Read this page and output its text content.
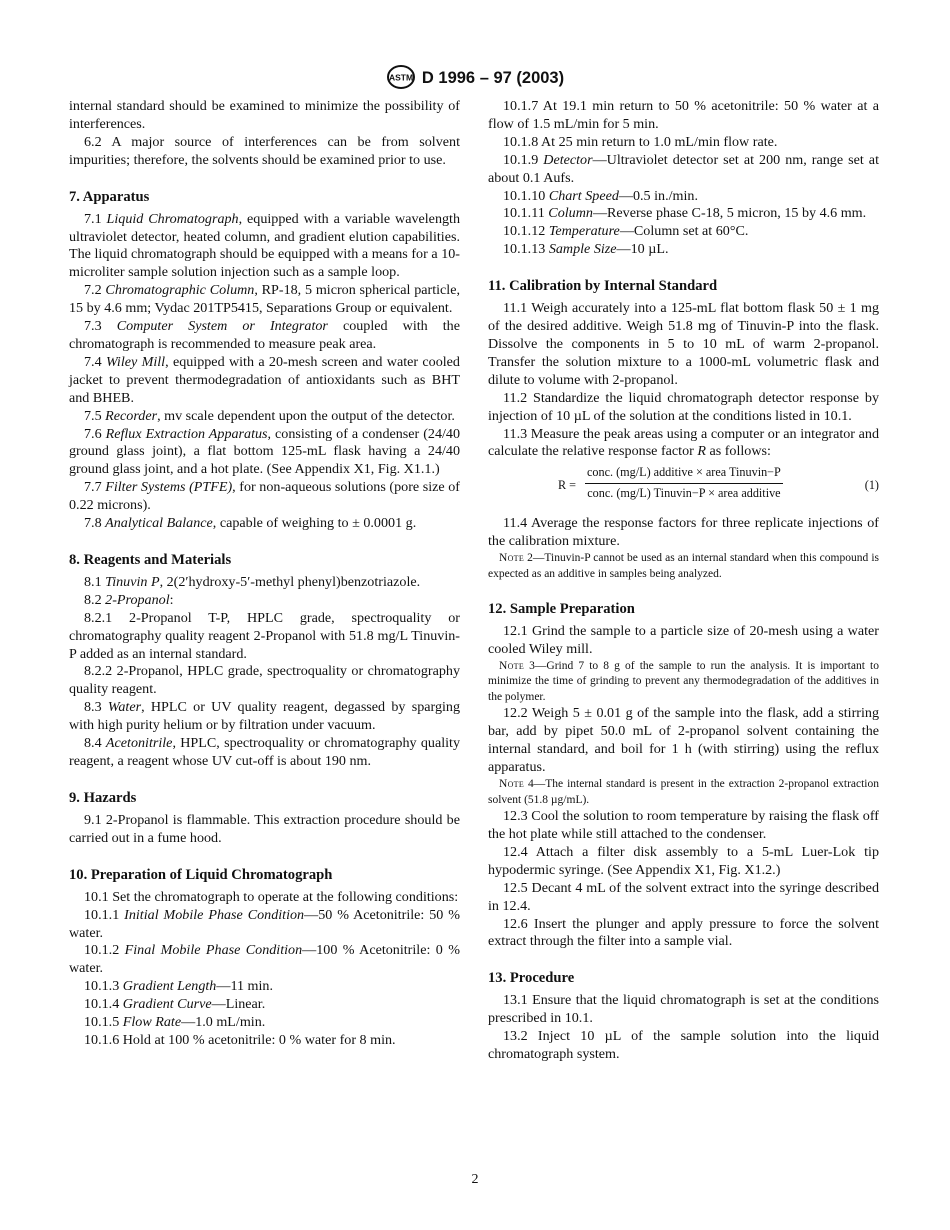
ASTM D 1996 – 97 (2003)

internal standard should be examined to minimize the possibility of interferences.

6.2 A major source of interferences can be from solvent impurities; therefore, the solvents should be examined prior to use.

7. Apparatus

7.1 Liquid Chromatograph, equipped with a variable wavelength ultraviolet detector, heated column, and gradient elution capabilities. The liquid chromatograph should be equipped with a means for a 10-microliter sample solution injection such as a sample loop.

7.2 Chromatographic Column, RP-18, 5 micron spherical particle, 15 by 4.6 mm; Vydac 201TP5415, Separations Group or equivalent.

7.3 Computer System or Integrator coupled with the chromatograph is recommended to measure peak area.

7.4 Wiley Mill, equipped with a 20-mesh screen and water cooled jacket to prevent thermodegradation of antioxidants such as BHT and BHEB.

7.5 Recorder, mv scale dependent upon the output of the detector.

7.6 Reflux Extraction Apparatus, consisting of a condenser (24/40 ground glass joint), a flat bottom 125-mL flask having a 24/40 ground glass joint, and a hot plate. (See Appendix X1, Fig. X1.1.)

7.7 Filter Systems (PTFE), for non-aqueous solutions (pore size of 0.22 microns).

7.8 Analytical Balance, capable of weighing to ± 0.0001 g.

8. Reagents and Materials

8.1 Tinuvin P, 2(2′hydroxy-5′-methyl phenyl)benzotriazole.

8.2 2-Propanol:

8.2.1 2-Propanol T-P, HPLC grade, spectroquality or chromatography quality reagent 2-Propanol with 51.8 mg/L Tinuvin-P added as an internal standard.

8.2.2 2-Propanol, HPLC grade, spectroquality or chromatography quality reagent.

8.3 Water, HPLC or UV quality reagent, degassed by sparging with high purity helium or by filtration under vacuum.

8.4 Acetonitrile, HPLC, spectroquality or chromatography quality reagent, a reagent whose UV cut-off is about 190 nm.

9. Hazards

9.1 2-Propanol is flammable. This extraction procedure should be carried out in a fume hood.

10. Preparation of Liquid Chromatograph

10.1 Set the chromatograph to operate at the following conditions:

10.1.1 Initial Mobile Phase Condition—50 % Acetonitrile: 50 % water.

10.1.2 Final Mobile Phase Condition—100 % Acetonitrile: 0 % water.

10.1.3 Gradient Length—11 min.

10.1.4 Gradient Curve—Linear.

10.1.5 Flow Rate—1.0 mL/min.

10.1.6 Hold at 100 % acetonitrile: 0 % water for 8 min.

10.1.7 At 19.1 min return to 50 % acetonitrile: 50 % water at a flow of 1.5 mL/min for 5 min.

10.1.8 At 25 min return to 1.0 mL/min flow rate.

10.1.9 Detector—Ultraviolet detector set at 200 nm, range set at about 0.1 Aufs.

10.1.10 Chart Speed—0.5 in./min.

10.1.11 Column—Reverse phase C-18, 5 micron, 15 by 4.6 mm.

10.1.12 Temperature—Column set at 60°C.

10.1.13 Sample Size—10 µL.

11. Calibration by Internal Standard

11.1 Weigh accurately into a 125-mL flat bottom flask 50 ± 1 mg of the desired additive. Weigh 51.8 mg of Tinuvin-P into the flask. Dissolve the components in 5 to 10 mL of warm 2-propanol. Transfer the solution mixture to a 1000-mL volumetric flask and dilute to volume with 2-propanol.

11.2 Standardize the liquid chromatograph detector response by injection of 10 µL of the solution at the conditions listed in 10.1.

11.3 Measure the peak areas using a computer or an integrator and calculate the relative response factor R as follows:

R =
conc. (mg/L) additive × area Tinuvin−P
conc. (mg/L) Tinuvin−P × area additive
(1)

11.4 Average the response factors for three replicate injections of the calibration mixture.

Note 2—Tinuvin-P cannot be used as an internal standard when this compound is expected as an additive in samples being analyzed.

12. Sample Preparation

12.1 Grind the sample to a particle size of 20-mesh using a water cooled Wiley mill.

Note 3—Grind 7 to 8 g of the sample to run the analysis. It is important to minimize the time of grinding to prevent any thermodegradation of the additives in the polymer.

12.2 Weigh 5 ± 0.01 g of the sample into the flask, add a stirring bar, add by pipet 50.0 mL of 2-propanol solvent containing the internal standard, and boil for 1 h (with stirring) using the reflux apparatus.

Note 4—The internal standard is present in the extraction 2-propanol extraction solvent (51.8 µg/mL).

12.3 Cool the solution to room temperature by raising the flask off the hot plate while still attached to the condenser.

12.4 Attach a filter disk assembly to a 5-mL Luer-Lok tip hypodermic syringe. (See Appendix X1, Fig. X1.2.)

12.5 Decant 4 mL of the solvent extract into the syringe described in 12.4.

12.6 Insert the plunger and apply pressure to force the solvent extract through the filter into a sample vial.

13. Procedure

13.1 Ensure that the liquid chromatograph is set at the conditions prescribed in 10.1.

13.2 Inject 10 µL of the sample solution into the liquid chromatograph system.

2
